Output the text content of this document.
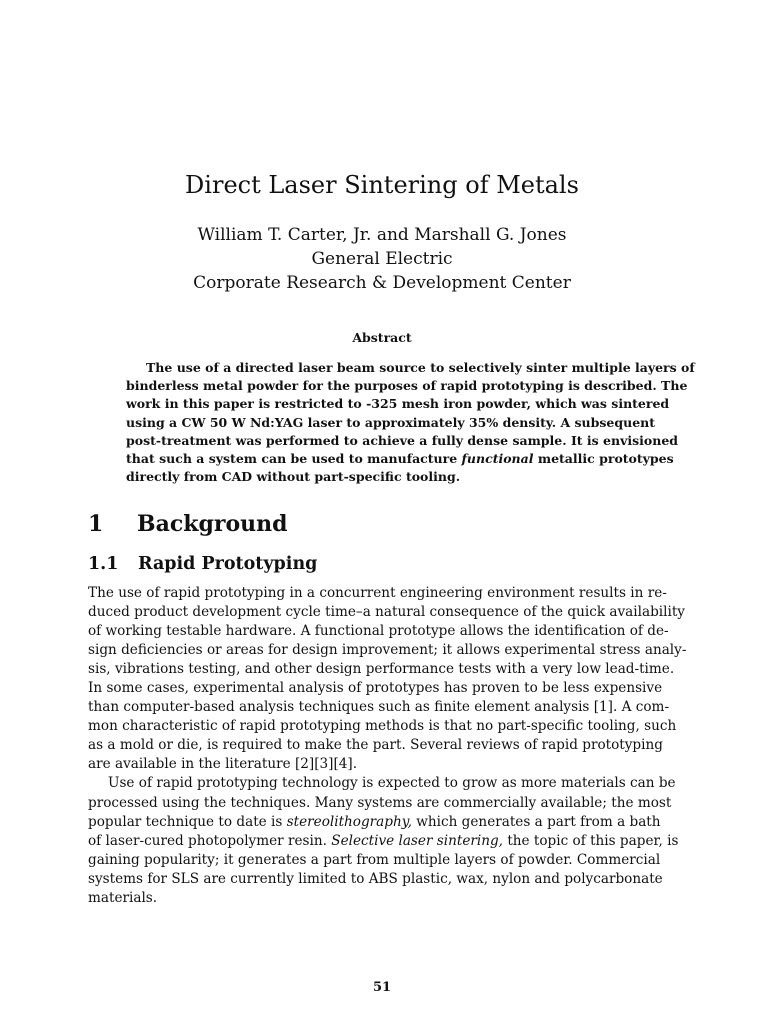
Direct Laser Sintering of Metals
William T. Carter, Jr. and Marshall G. Jones
General Electric
Corporate Research & Development Center
Abstract
The use of a directed laser beam source to selectively sinter multiple layers of
binderless metal powder for the purposes of rapid prototyping is described. The
work in this paper is restricted to -325 mesh iron powder, which was sintered
using a CW 50 W Nd:YAG laser to approximately 35% density. A subsequent
post-treatment was performed to achieve a fully dense sample. It is envisioned
that such a system can be used to manufacture functional metallic prototypes
directly from CAD without part-specific tooling.
1 Background
1.1 Rapid Prototyping
The use of rapid prototyping in a concurrent engineering environment results in re-
duced product development cycle time–a natural consequence of the quick availability
of working testable hardware. A functional prototype allows the identification of de-
sign deficiencies or areas for design improvement; it allows experimental stress analy-
sis, vibrations testing, and other design performance tests with a very low lead-time.
In some cases, experimental analysis of prototypes has proven to be less expensive
than computer-based analysis techniques such as finite element analysis [1]. A com-
mon characteristic of rapid prototyping methods is that no part-specific tooling, such
as a mold or die, is required to make the part. Several reviews of rapid prototyping
are available in the literature [2][3][4].
Use of rapid prototyping technology is expected to grow as more materials can be
processed using the techniques. Many systems are commercially available; the most
popular technique to date is stereolithography, which generates a part from a bath
of laser-cured photopolymer resin. Selective laser sintering, the topic of this paper, is
gaining popularity; it generates a part from multiple layers of powder. Commercial
systems for SLS are currently limited to ABS plastic, wax, nylon and polycarbonate
materials.
51
